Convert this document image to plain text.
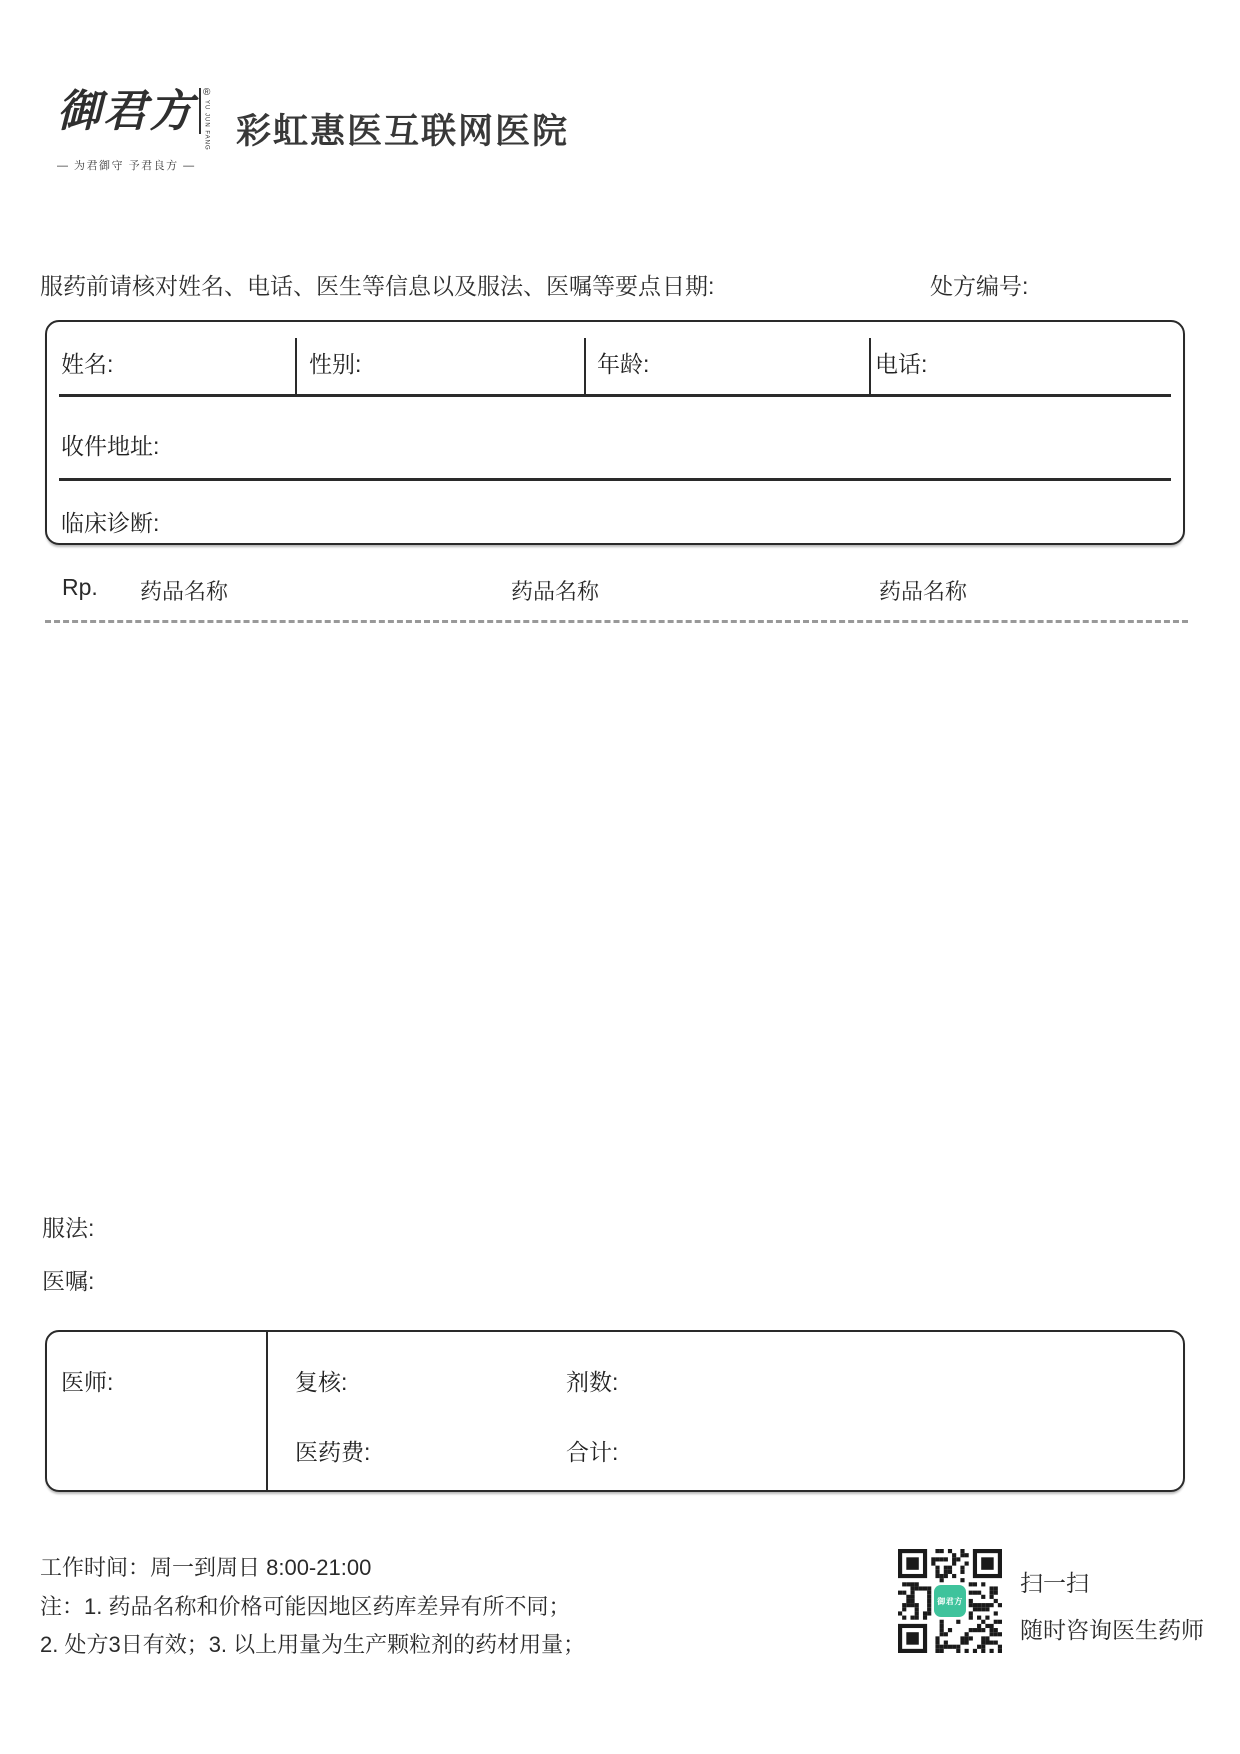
御君方 ®
YU JUN FANG
— 为君御守 予君良方 —
彩虹惠医互联网医院
服药前请核对姓名、电话、医生等信息以及服法、医嘱等要点 日期:	处方编号:
姓名:	性别:	年龄:	电话:
收件地址:
临床诊断:
Rp. 药品名称	药品名称	药品名称
服法:
医嘱:
医师:	复核:	剂数:
医药费:	合计:
工作时间：周一到周日 8:00-21:00
注：1. 药品名称和价格可能因地区药库差异有所不同；
2. 处方3日有效；3. 以上用量为生产颗粒剂的药材用量；
御君方
扫一扫
随时咨询医生药师
